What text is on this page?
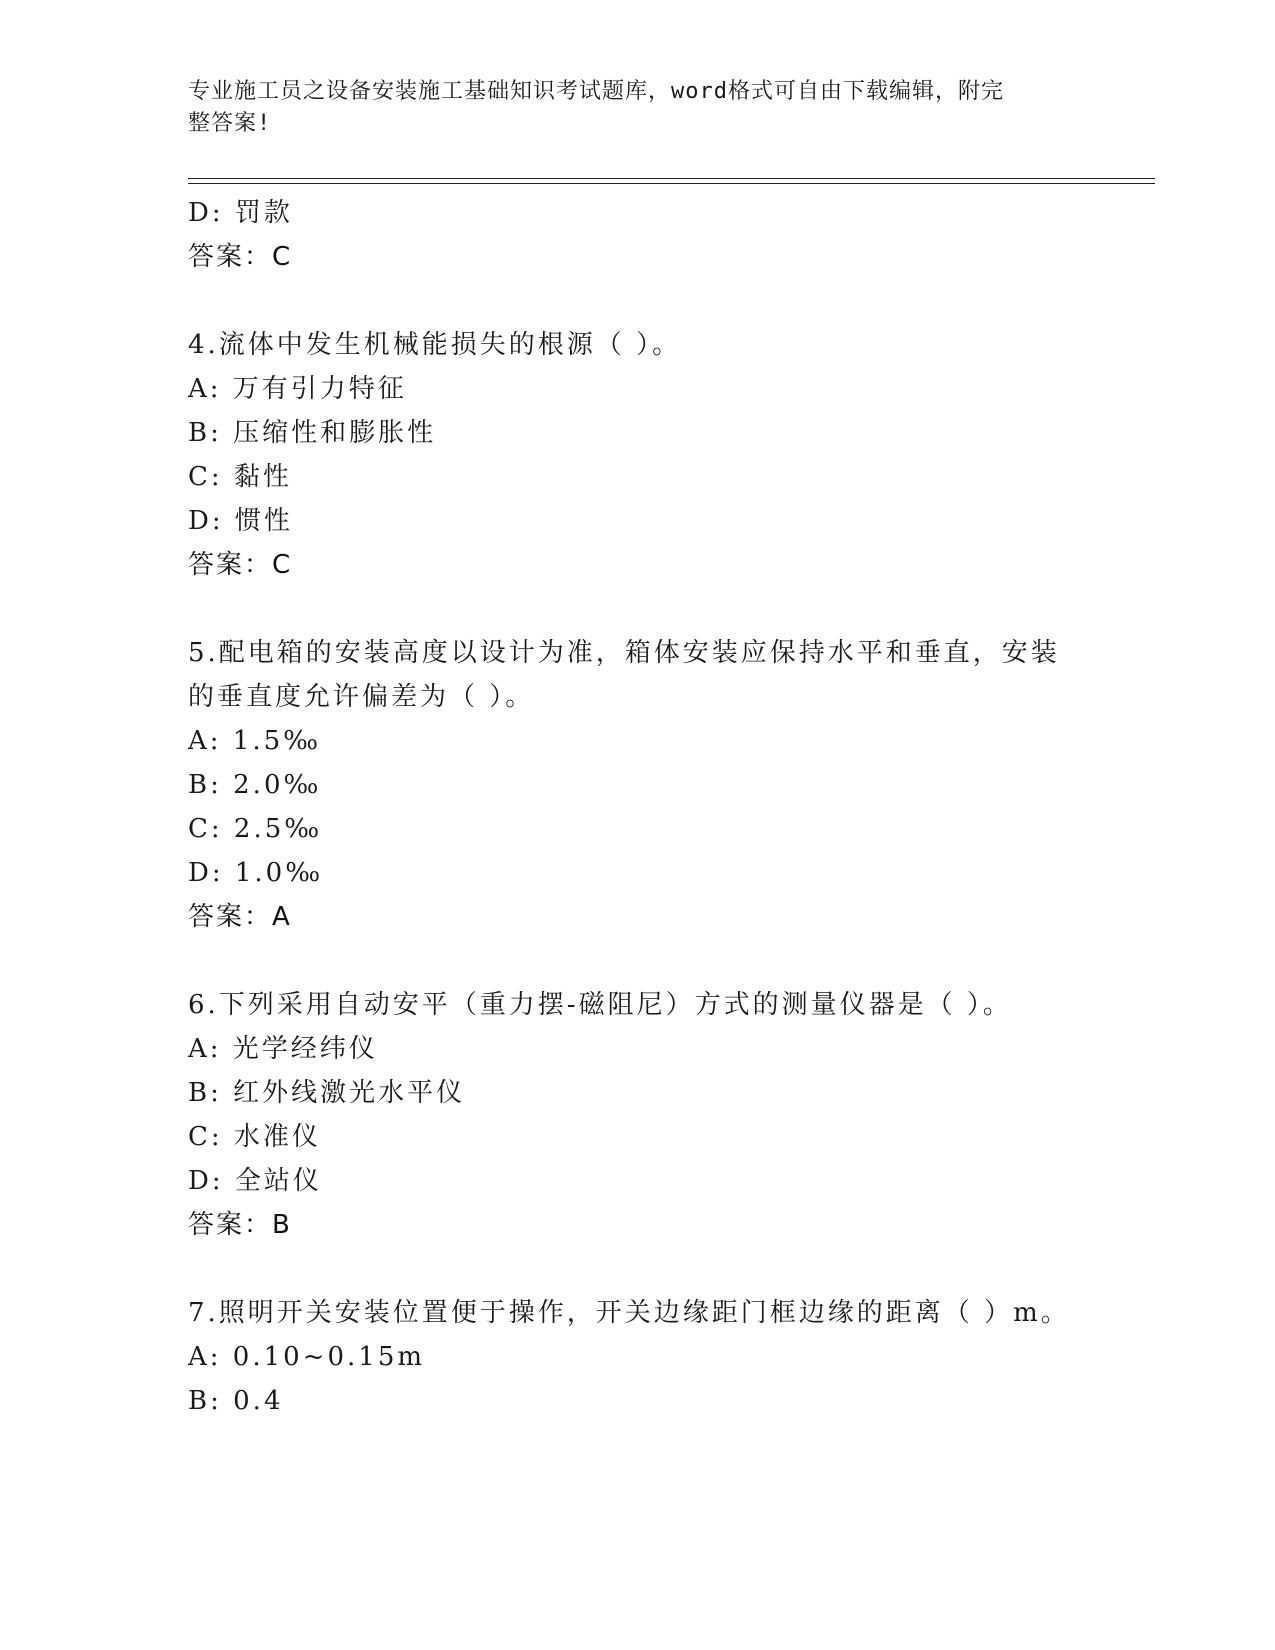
专业施工员之设备安装施工基础知识考试题库，word格式可自由下载编辑，附完
整答案!
D: 罚款
答案：C
4.流体中发生机械能损失的根源（ ）。
A: 万有引力特征
B: 压缩性和膨胀性
C: 黏性
D: 惯性
答案：C
5.配电箱的安装高度以设计为准，箱体安装应保持水平和垂直，安装
的垂直度允许偏差为（ ）。
A: 1.5‰
B: 2.0‰
C: 2.5‰
D: 1.0‰
答案：A
6.下列采用自动安平（重力摆-磁阻尼）方式的测量仪器是（ ）。
A: 光学经纬仪
B: 红外线激光水平仪
C: 水准仪
D: 全站仪
答案：B
7.照明开关安装位置便于操作，开关边缘距门框边缘的距离（ ）m。
A: 0.10~0.15m
B: 0.4
